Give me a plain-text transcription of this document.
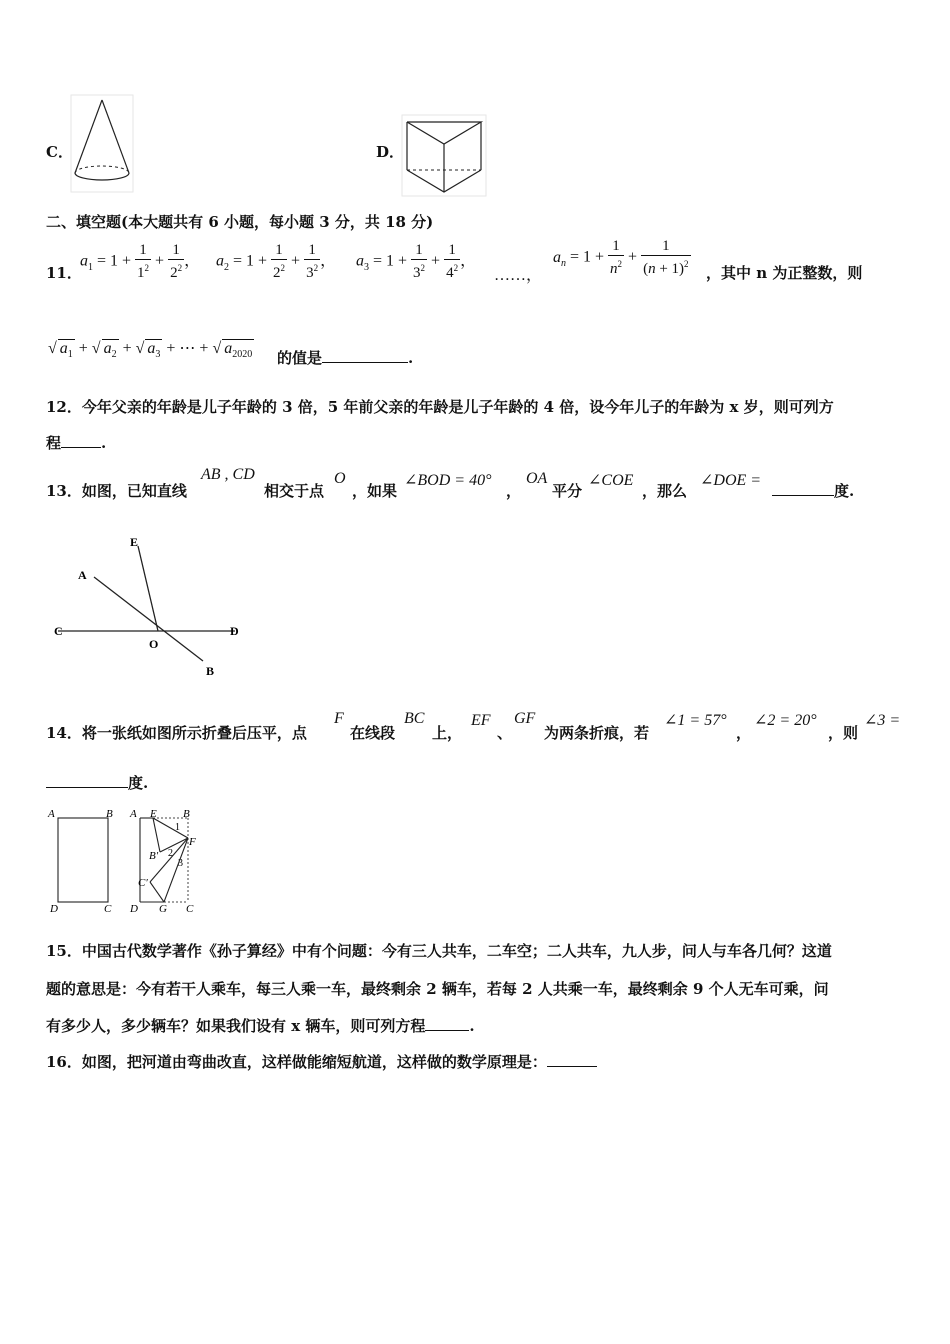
C．	D．
二、填空题(本大题共有 6 小题，每小题 3 分，共 18 分)
11．
$a_1 = 1 + \frac{1}{1^2} + \frac{1}{2^2}$ ， $a_2 = 1 + \frac{1}{2^2} + \frac{1}{3^2}$ ， $a_3 = 1 + \frac{1}{3^2} + \frac{1}{4^2}$ ，
……，
$a_n = 1 + \frac{1}{n^2} + \frac{1}{(n + 1)^2}$ ，其中 n 为正整数，则
√ $a_1$ + √ $a_2$ + √ $a_3$ + ⋯ + √ $a_{2020}$ 的值是	.
12．今年父亲的年龄是儿子年龄的 3 倍，5 年前父亲的年龄是儿子年龄的 4 倍，设今年儿子的年龄为 x 岁，则可列方
程	.
13．如图，已知直线
AB , CD
相交于点
O
，如果
∠BOD = 40°
，
OA
平分
∠COE
，那么
∠DOE =
度.
E
A
C
O
D
B
14．将一张纸如图所示折叠后压平，点
F
在线段
BC
上，
EF
、
GF
为两条折痕，若
∠1 = 57°
，
∠2 = 20°
，则
∠3 =
度.
A	B
D	C
A E B
B′ 2
1
F
3
C′
D G C
15．中国古代数学著作《孙子算经》中有个问题：今有三人共车，二车空；二人共车，九人步，问人与车各几何？这道
题的意思是：今有若干人乘车，每三人乘一车，最终剩余 2 辆车，若每 2 人共乘一车，最终剩余 9 个人无车可乘，问
有多少人，多少辆车？如果我们设有 x 辆车，则可列方程	.
16．如图，把河道由弯曲改直，这样做能缩短航道，这样做的数学原理是：
